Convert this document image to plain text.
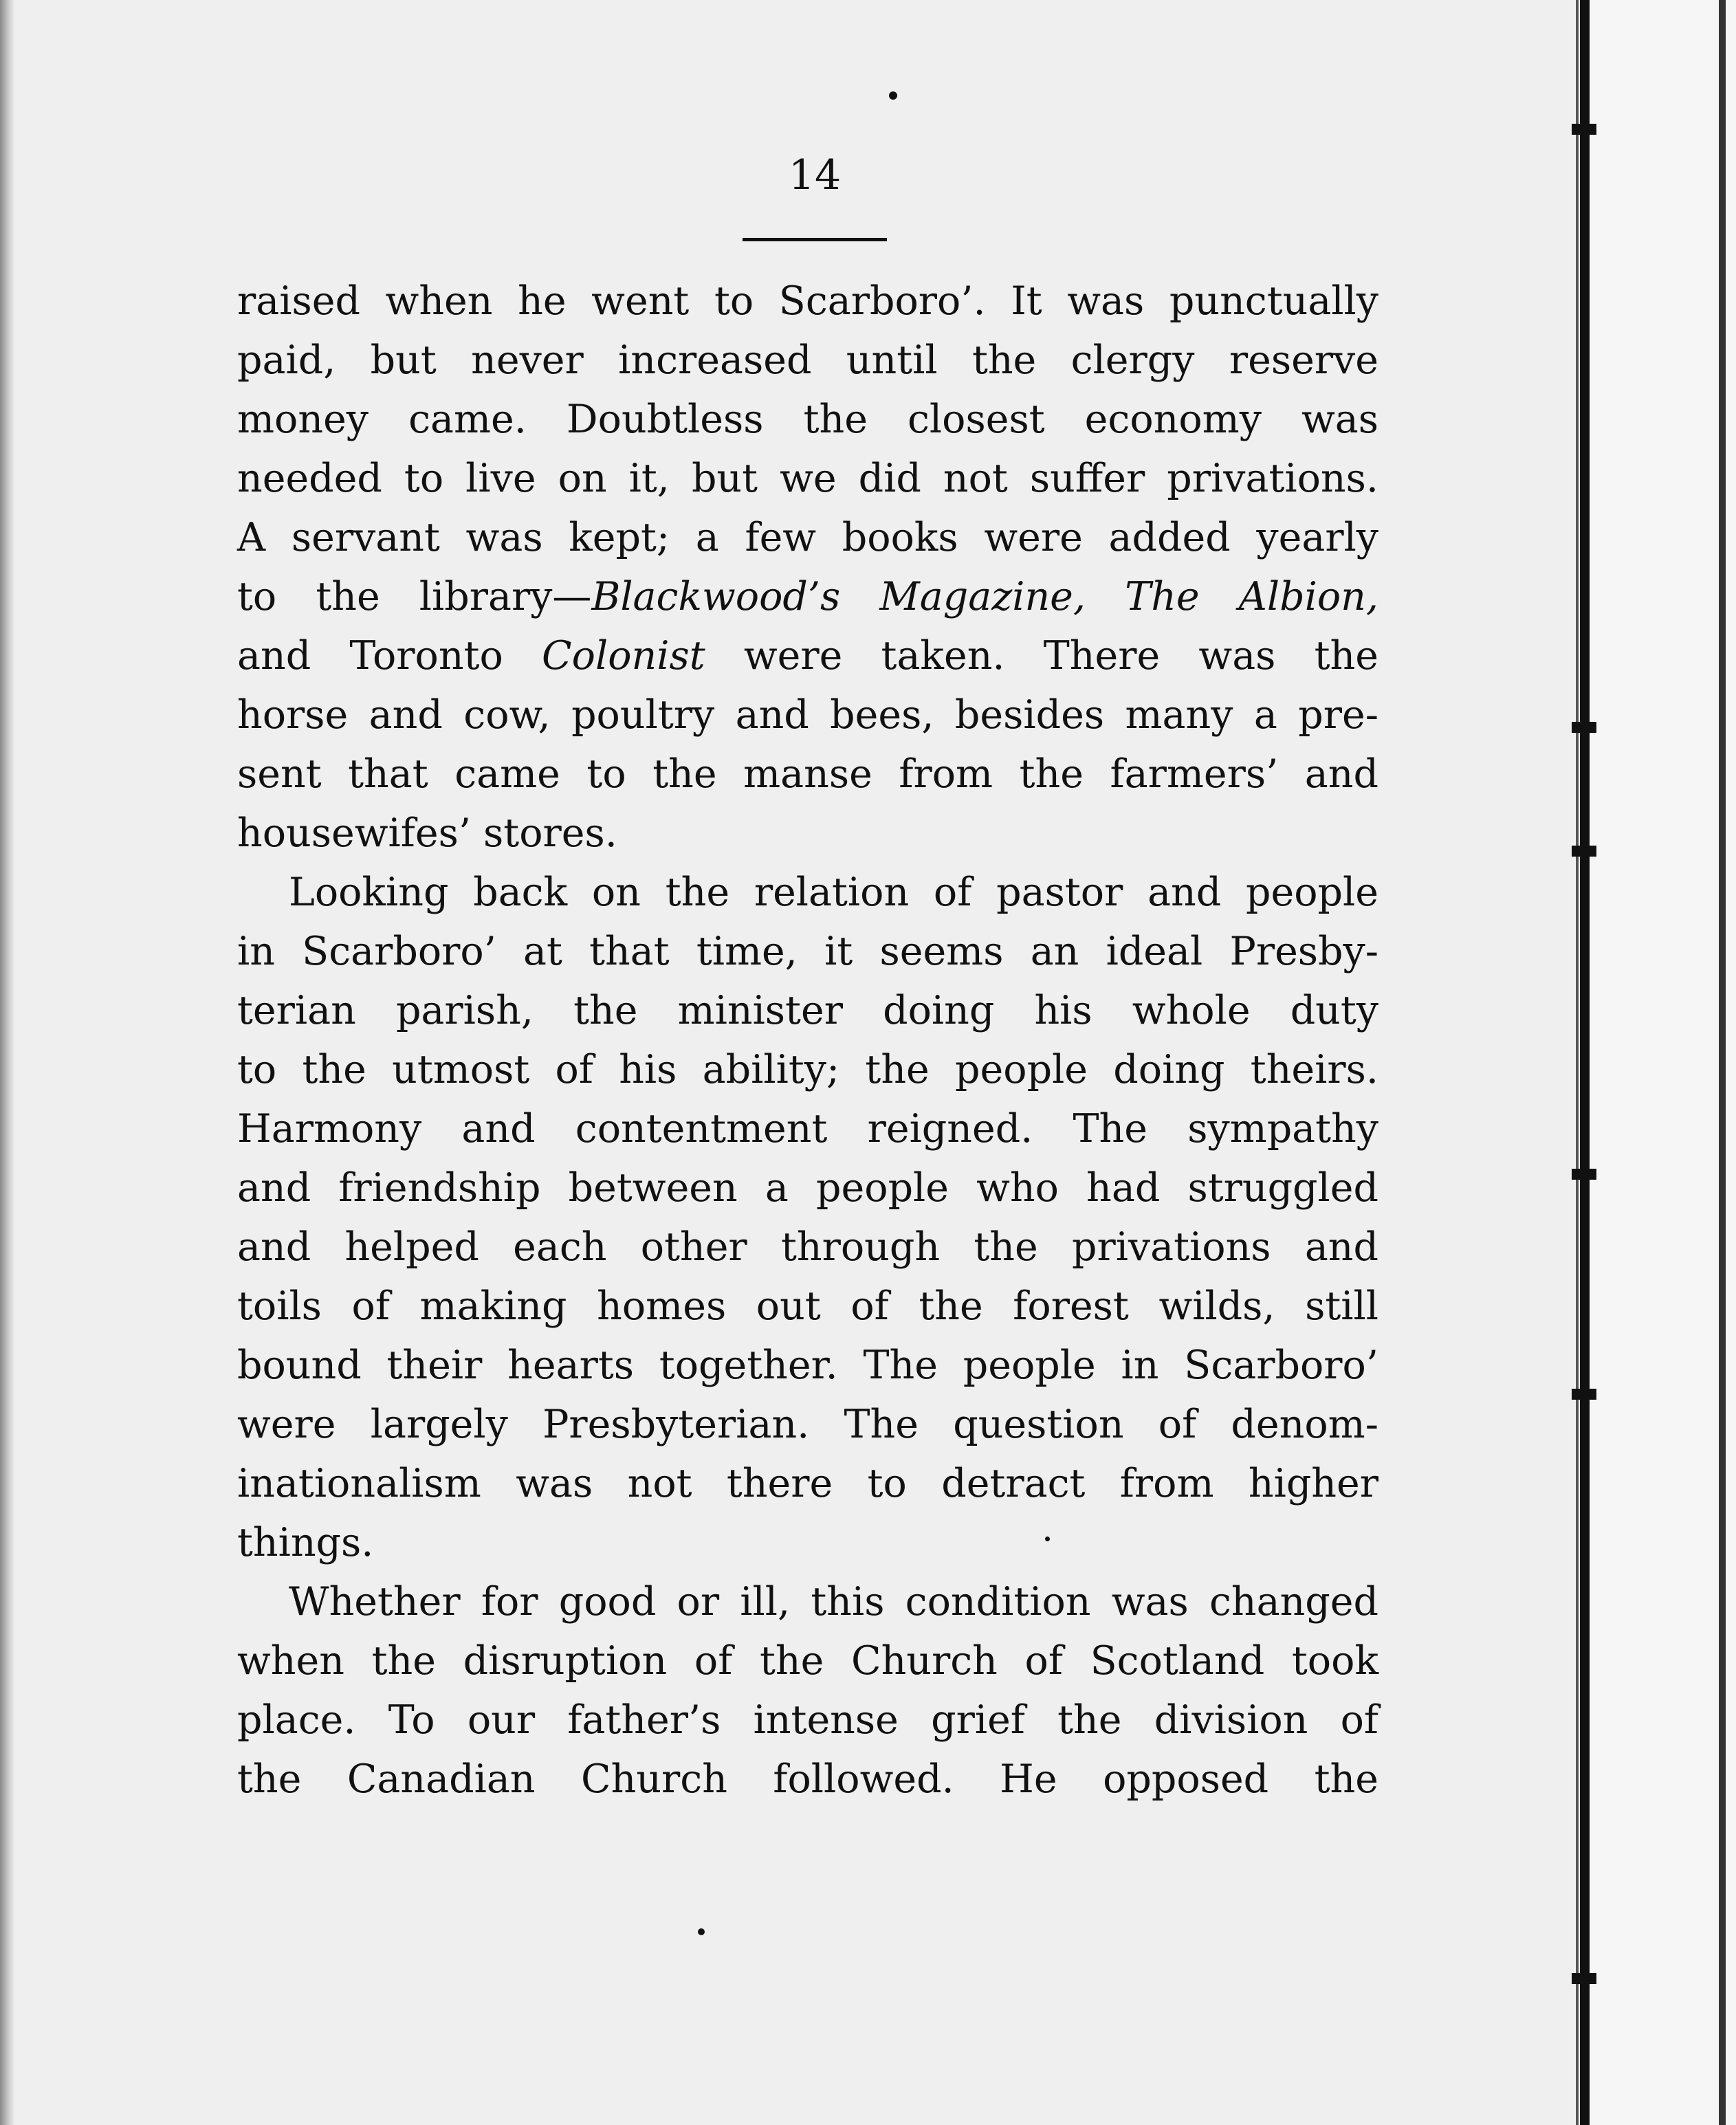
14
raised when he went to Scarboro’. It was punctually
paid, but never increased until the clergy reserve
money came. Doubtless the closest economy was
needed to live on it, but we did not suffer privations.
A servant was kept; a few books were added yearly
to the library—Blackwood’s Magazine, The Albion,
and Toronto Colonist were taken. There was the
horse and cow, poultry and bees, besides many a pre-
sent that came to the manse from the farmers’ and
housewifes’ stores.
Looking back on the relation of pastor and people
in Scarboro’ at that time, it seems an ideal Presby-
terian parish, the minister doing his whole duty
to the utmost of his ability; the people doing theirs.
Harmony and contentment reigned. The sympathy
and friendship between a people who had struggled
and helped each other through the privations and
toils of making homes out of the forest wilds, still
bound their hearts together. The people in Scarboro’
were largely Presbyterian. The question of denom-
inationalism was not there to detract from higher
things.
Whether for good or ill, this condition was changed
when the disruption of the Church of Scotland took
place. To our father’s intense grief the division of
the Canadian Church followed. He opposed the
